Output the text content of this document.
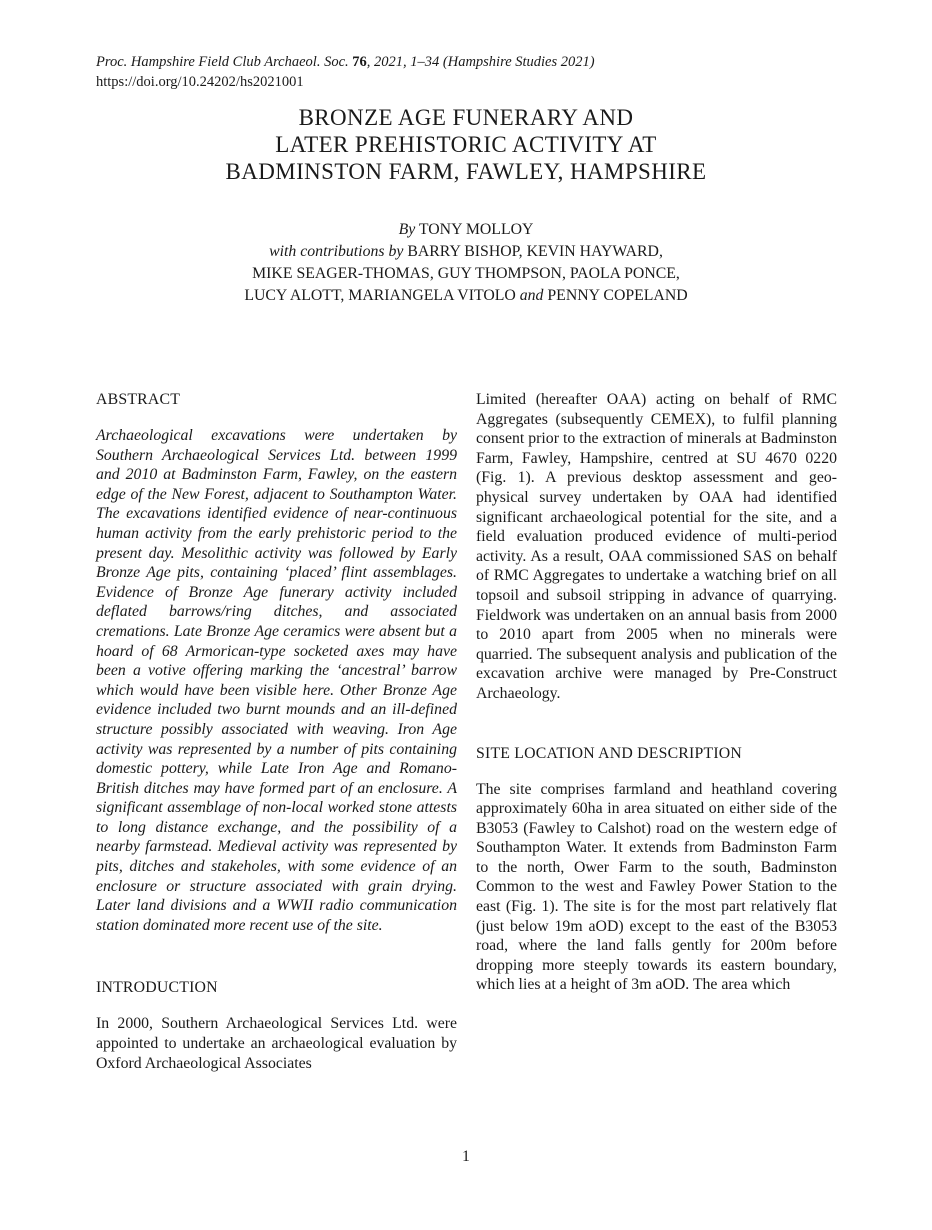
Proc. Hampshire Field Club Archaeol. Soc. 76, 2021, 1–34 (Hampshire Studies 2021)
https://doi.org/10.24202/hs2021001
BRONZE AGE FUNERARY AND
LATER PREHISTORIC ACTIVITY AT
BADMINSTON FARM, FAWLEY, HAMPSHIRE
By TONY MOLLOY
with contributions by BARRY BISHOP, KEVIN HAYWARD,
MIKE SEAGER-THOMAS, GUY THOMPSON, PAOLA PONCE,
LUCY ALOTT, MARIANGELA VITOLO and PENNY COPELAND
ABSTRACT

Archaeological excavations were undertaken by Southern Archaeological Services Ltd. between 1999 and 2010 at Badminston Farm, Fawley, on the eastern edge of the New Forest, adjacent to Southampton Water. The excavations identified evidence of near-continuous human activity from the early prehistoric period to the present day. Mesolithic activity was followed by Early Bronze Age pits, containing ‘placed’ flint assemblages. Evidence of Bronze Age funerary activity included deflated barrows/ring ditches, and associated cremations. Late Bronze Age ceramics were absent but a hoard of 68 Armorican-type socketed axes may have been a votive offering marking the ‘ancestral’ barrow which would have been visible here. Other Bronze Age evidence included two burnt mounds and an ill-defined structure possibly associated with weaving. Iron Age activity was represented by a number of pits containing domestic pottery, while Late Iron Age and Romano-British ditches may have formed part of an enclosure. A significant assemblage of non-local worked stone attests to long distance exchange, and the possibility of a nearby farmstead. Medieval activity was represented by pits, ditches and stakeholes, with some evidence of an enclosure or structure associated with grain drying. Later land divisions and a WWII radio communication station dominated more recent use of the site.

INTRODUCTION

In 2000, Southern Archaeological Services Ltd. were appointed to undertake an archaeological evaluation by Oxford Archaeological Associates

Limited (hereafter OAA) acting on behalf of RMC Aggregates (subsequently CEMEX), to fulfil planning consent prior to the extraction of minerals at Badminston Farm, Fawley, Hampshire, centred at SU 4670 0220 (Fig. 1). A previous desktop assessment and geo-physical survey undertaken by OAA had identified significant archaeological potential for the site, and a field evaluation produced evidence of multi-period activity. As a result, OAA commissioned SAS on behalf of RMC Aggregates to undertake a watching brief on all topsoil and subsoil stripping in advance of quarrying. Fieldwork was undertaken on an annual basis from 2000 to 2010 apart from 2005 when no minerals were quarried. The subsequent analysis and publication of the excavation archive were managed by Pre-Construct Archaeology.

SITE LOCATION AND DESCRIPTION

The site comprises farmland and heathland covering approximately 60ha in area situated on either side of the B3053 (Fawley to Calshot) road on the western edge of Southampton Water. It extends from Badminston Farm to the north, Ower Farm to the south, Badminston Common to the west and Fawley Power Station to the east (Fig. 1). The site is for the most part relatively flat (just below 19m aOD) except to the east of the B3053 road, where the land falls gently for 200m before dropping more steeply towards its eastern boundary, which lies at a height of 3m aOD. The area which

1
